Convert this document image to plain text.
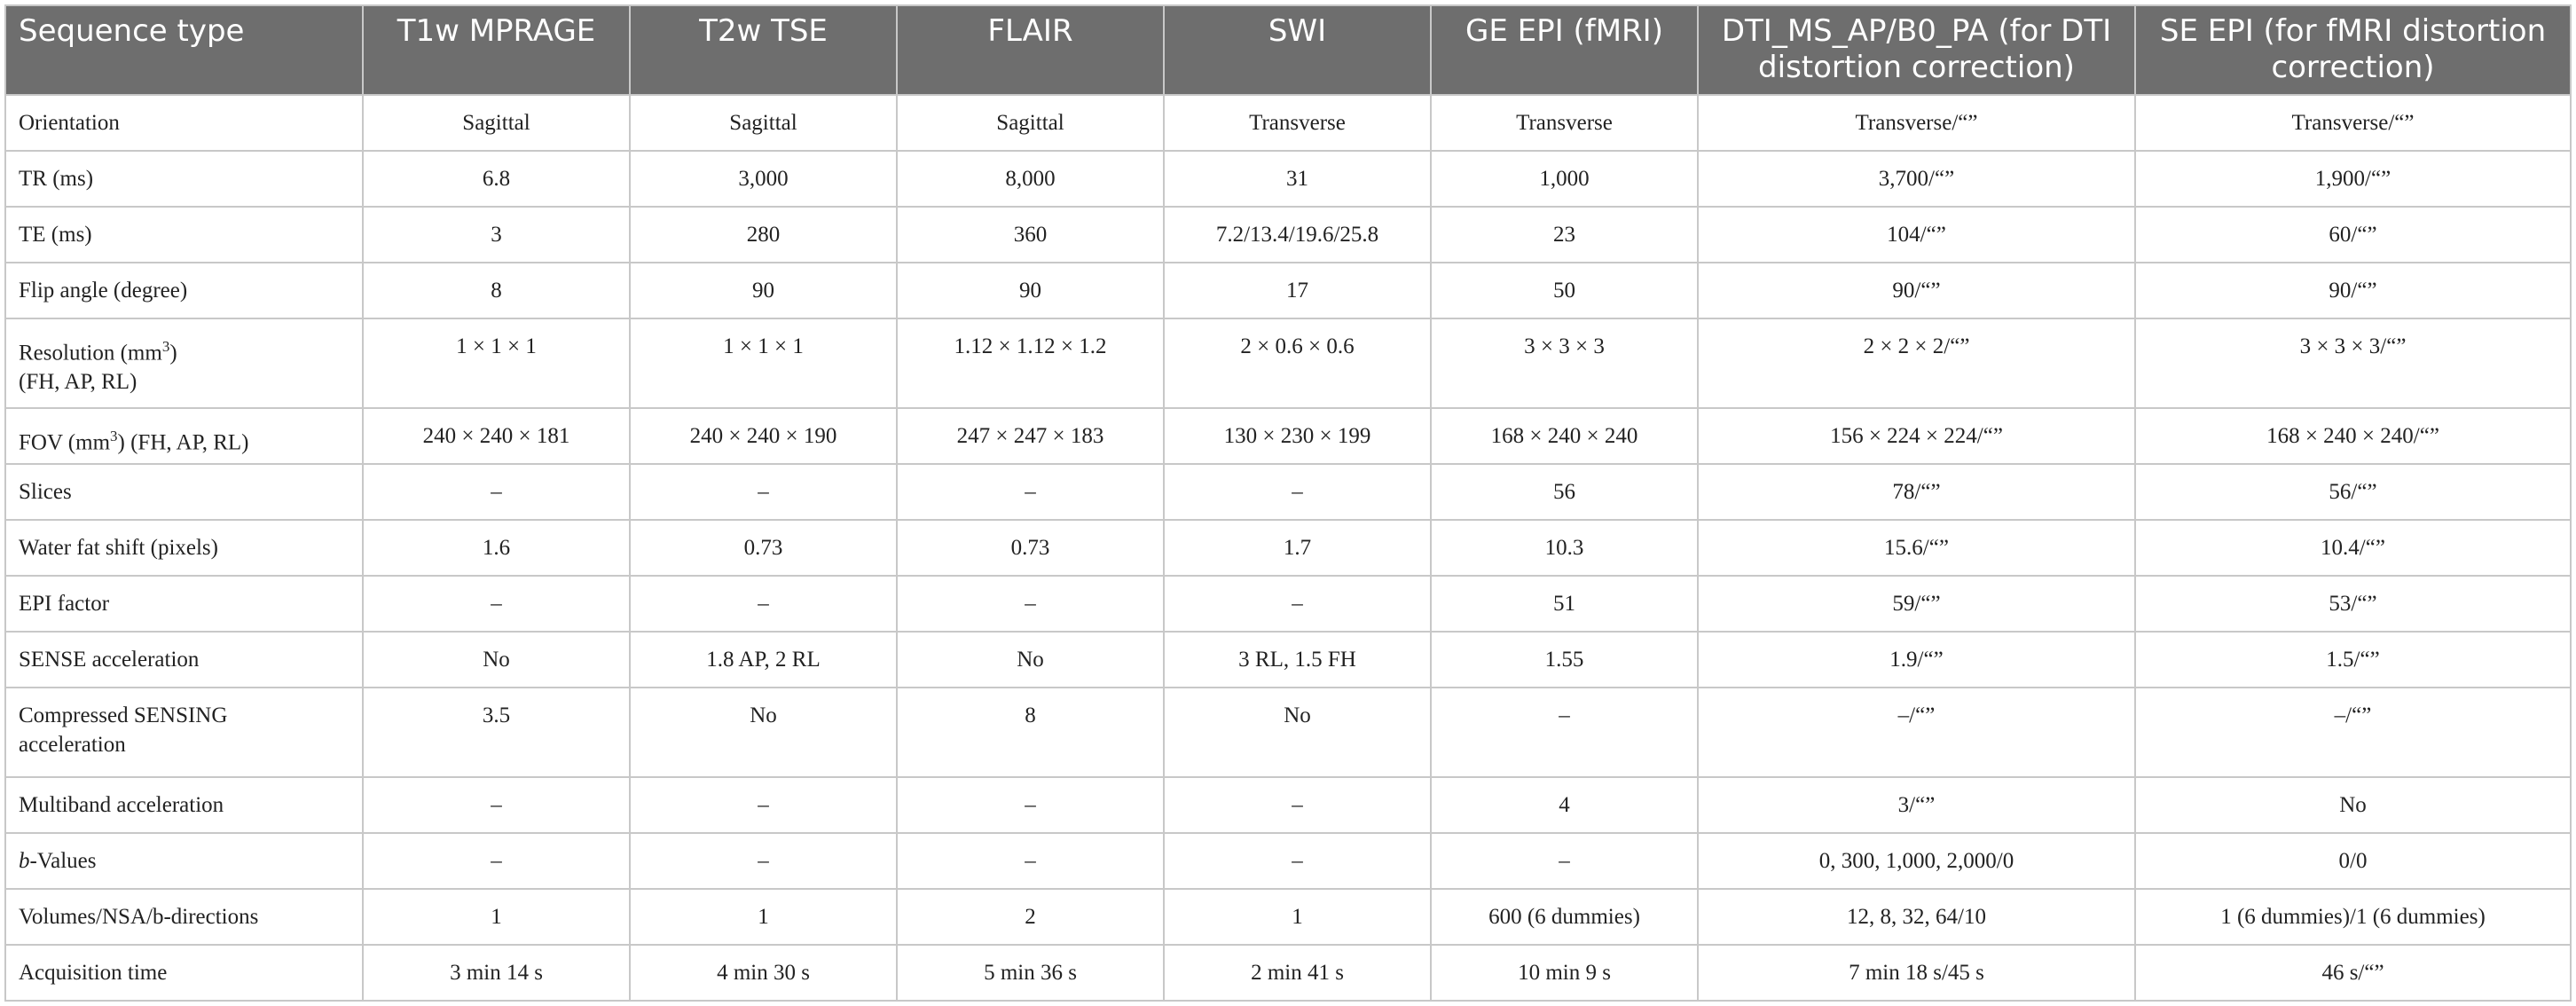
Sequence type	T1w MPRAGE	T2w TSE	FLAIR	SWI	GE EPI (fMRI)	DTI_MS_AP/B0_PA (for DTI distortion correction)	SE EPI (for fMRI distortion correction)
Orientation	Sagittal	Sagittal	Sagittal	Transverse	Transverse	Transverse/“”	Transverse/“”
TR (ms)	6.8	3,000	8,000	31	1,000	3,700/“”	1,900/“”
TE (ms)	3	280	360	7.2/13.4/19.6/25.8	23	104/“”	60/“”
Flip angle (degree)	8	90	90	17	50	90/“”	90/“”
Resolution $(mm^3)$
(FH, AP, RL)	1 × 1 × 1	1 × 1 × 1	1.12 × 1.12 × 1.2	2 × 0.6 × 0.6	3 × 3 × 3	2 × 2 × 2/“”	3 × 3 × 3/“”
FOV $(mm^3)$ (FH, AP, RL)	240 × 240 × 181	240 × 240 × 190	247 × 247 × 183	130 × 230 × 199	168 × 240 × 240	156 × 224 × 224/“”	168 × 240 × 240/“”
Slices	–	–	–	–	56	78/“”	56/“”
Water fat shift (pixels)	1.6	0.73	0.73	1.7	10.3	15.6/“”	10.4/“”
EPI factor	–	–	–	–	51	59/“”	53/“”
SENSE acceleration	No	1.8 AP, 2 RL	No	3 RL, 1.5 FH	1.55	1.9/“”	1.5/“”
Compressed SENSING
acceleration	3.5	No	8	No	–	–/“”	–/“”
Multiband acceleration	–	–	–	–	4	3/“”	No
b-Values	–	–	–	–	–	0, 300, 1,000, 2,000/0	0/0
Volumes/NSA/b-directions	1	1	2	1	600 (6 dummies)	12, 8, 32, 64/10	1 (6 dummies)/1 (6 dummies)
Acquisition time	3 min 14 s	4 min 30 s	5 min 36 s	2 min 41 s	10 min 9 s	7 min 18 s/45 s	46 s/“”
